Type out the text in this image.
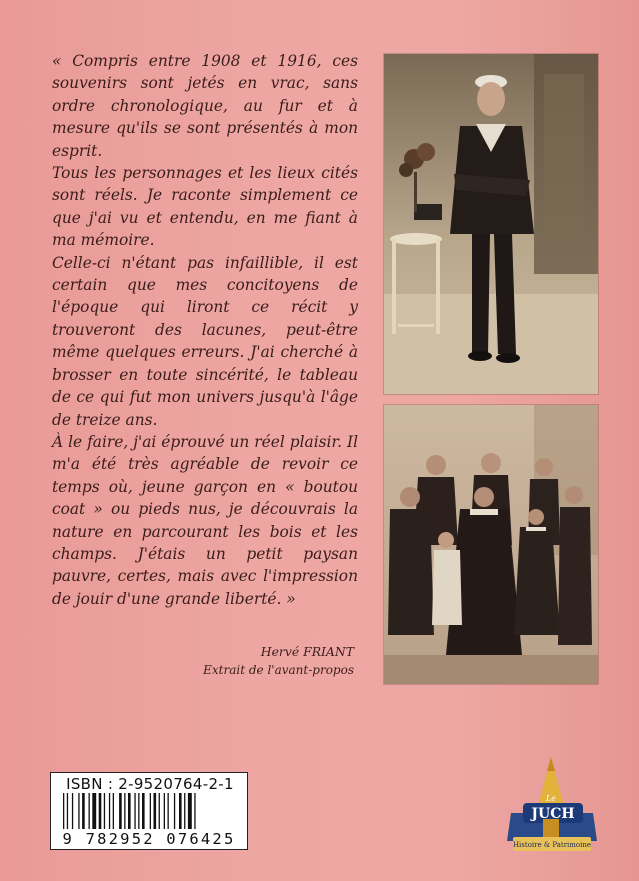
« Compris entre 1908 et 1916, ces souvenirs sont jetés en vrac, sans ordre chronologique, au fur et à mesure qu'ils se sont présentés à mon esprit.

Tous les personnages et les lieux cités sont réels. Je raconte simplement ce que j'ai vu et entendu, en me fiant à ma mémoire.

Celle-ci n'étant pas infaillible, il est certain que mes concitoyens de l'époque qui liront ce récit y trouveront des lacunes, peut-être même quelques erreurs. J'ai cherché à brosser en toute sincérité, le tableau de ce qui fut mon univers jusqu'à l'âge de treize ans.

À le faire, j'ai éprouvé un réel plaisir. Il m'a été très agréable de revoir ce temps où, jeune garçon en « boutou coat » ou pieds nus, je découvrais la nature en parcourant les bois et les champs. J'étais un petit paysan pauvre, certes, mais avec l'impression de jouir d'une grande liberté. »

Hervé FRIANT
Extrait de l'avant-propos
ISBN : 2-9520764-2-1
9 782952 076425
Le
JUCH
Histoire & Patrimoine
